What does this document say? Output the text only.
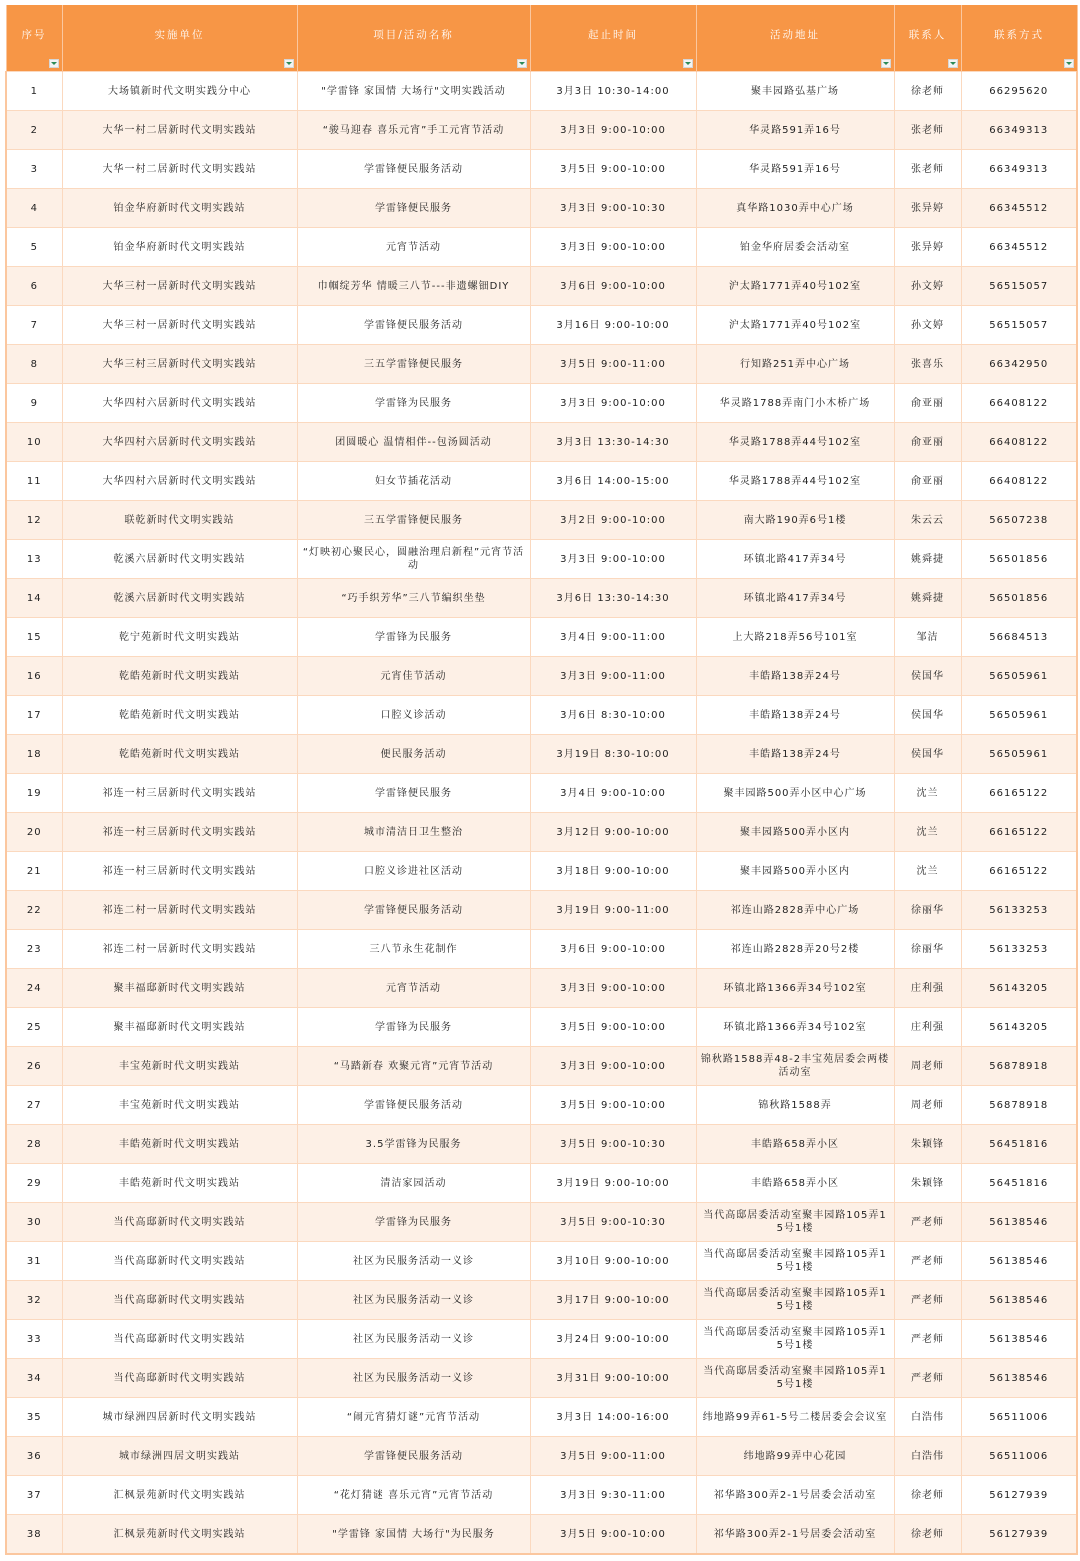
序号	实施单位	项目/活动名称	起止时间	活动地址	联系人	联系方式

1	大场镇新时代文明实践分中心	"学雷锋 家国情 大场行"文明实践活动	3月3日 10:30-14:00	聚丰园路弘基广场	徐老师	66295620
2	大华一村二居新时代文明实践站	“骏马迎春 喜乐元宵”手工元宵节活动	3月3日 9:00-10:00	华灵路591弄16号	张老师	66349313
3	大华一村二居新时代文明实践站	学雷锋便民服务活动	3月5日 9:00-10:00	华灵路591弄16号	张老师	66349313
4	铂金华府新时代文明实践站	学雷锋便民服务	3月3日 9:00-10:30	真华路1030弄中心广场	张异婷	66345512
5	铂金华府新时代文明实践站	元宵节活动	3月3日 9:00-10:00	铂金华府居委会活动室	张异婷	66345512
6	大华三村一居新时代文明实践站	巾帼绽芳华 情暖三八节---非遗螺钿DIY	3月6日 9:00-10:00	沪太路1771弄40号102室	孙文婷	56515057
7	大华三村一居新时代文明实践站	学雷锋便民服务活动	3月16日 9:00-10:00	沪太路1771弄40号102室	孙文婷	56515057
8	大华三村三居新时代文明实践站	三五学雷锋便民服务	3月5日 9:00-11:00	行知路251弄中心广场	张喜乐	66342950
9	大华四村六居新时代文明实践站	学雷锋为民服务	3月3日 9:00-10:00	华灵路1788弄南门小木桥广场	俞亚丽	66408122
10	大华四村六居新时代文明实践站	团圆暖心 温情相伴--包汤圆活动	3月3日 13:30-14:30	华灵路1788弄44号102室	俞亚丽	66408122
11	大华四村六居新时代文明实践站	妇女节插花活动	3月6日 14:00-15:00	华灵路1788弄44号102室	俞亚丽	66408122
12	联乾新时代文明实践站	三五学雷锋便民服务	3月2日 9:00-10:00	南大路190弄6号1楼	朱云云	56507238
13	乾溪六居新时代文明实践站	“灯映初心聚民心，圆融治理启新程”元宵节活动	3月3日 9:00-10:00	环镇北路417弄34号	姚舜捷	56501856
14	乾溪六居新时代文明实践站	“巧手织芳华”三八节编织坐垫	3月6日 13:30-14:30	环镇北路417弄34号	姚舜捷	56501856
15	乾宁苑新时代文明实践站	学雷锋为民服务	3月4日 9:00-11:00	上大路218弄56号101室	邹洁	56684513
16	乾皓苑新时代文明实践站	元宵佳节活动	3月3日 9:00-11:00	丰皓路138弄24号	侯国华	56505961
17	乾皓苑新时代文明实践站	口腔义诊活动	3月6日 8:30-10:00	丰皓路138弄24号	侯国华	56505961
18	乾皓苑新时代文明实践站	便民服务活动	3月19日 8:30-10:00	丰皓路138弄24号	侯国华	56505961
19	祁连一村三居新时代文明实践站	学雷锋便民服务	3月4日 9:00-10:00	聚丰园路500弄小区中心广场	沈兰	66165122
20	祁连一村三居新时代文明实践站	城市清洁日卫生整治	3月12日 9:00-10:00	聚丰园路500弄小区内	沈兰	66165122
21	祁连一村三居新时代文明实践站	口腔义诊进社区活动	3月18日 9:00-10:00	聚丰园路500弄小区内	沈兰	66165122
22	祁连二村一居新时代文明实践站	学雷锋便民服务活动	3月19日 9:00-11:00	祁连山路2828弄中心广场	徐丽华	56133253
23	祁连二村一居新时代文明实践站	三八节永生花制作	3月6日 9:00-10:00	祁连山路2828弄20号2楼	徐丽华	56133253
24	聚丰福邸新时代文明实践站	元宵节活动	3月3日 9:00-10:00	环镇北路1366弄34号102室	庄利强	56143205
25	聚丰福邸新时代文明实践站	学雷锋为民服务	3月5日 9:00-10:00	环镇北路1366弄34号102室	庄利强	56143205
26	丰宝苑新时代文明实践站	“马踏新春 欢聚元宵”元宵节活动	3月3日 9:00-10:00	锦秋路1588弄48-2丰宝苑居委会两楼活动室	周老师	56878918
27	丰宝苑新时代文明实践站	学雷锋便民服务活动	3月5日 9:00-10:00	锦秋路1588弄	周老师	56878918
28	丰皓苑新时代文明实践站	3.5学雷锋为民服务	3月5日 9:00-10:30	丰皓路658弄小区	朱颖锋	56451816
29	丰皓苑新时代文明实践站	清洁家园活动	3月19日 9:00-10:00	丰皓路658弄小区	朱颖锋	56451816
30	当代高邸新时代文明实践站	学雷锋为民服务	3月5日 9:00-10:30	当代高邸居委活动室聚丰园路105弄15号1楼	严老师	56138546
31	当代高邸新时代文明实践站	社区为民服务活动一义诊	3月10日 9:00-10:00	当代高邸居委活动室聚丰园路105弄15号1楼	严老师	56138546
32	当代高邸新时代文明实践站	社区为民服务活动一义诊	3月17日 9:00-10:00	当代高邸居委活动室聚丰园路105弄15号1楼	严老师	56138546
33	当代高邸新时代文明实践站	社区为民服务活动一义诊	3月24日 9:00-10:00	当代高邸居委活动室聚丰园路105弄15号1楼	严老师	56138546
34	当代高邸新时代文明实践站	社区为民服务活动一义诊	3月31日 9:00-10:00	当代高邸居委活动室聚丰园路105弄15号1楼	严老师	56138546
35	城市绿洲四居新时代文明实践站	“闹元宵猜灯谜”元宵节活动	3月3日 14:00-16:00	纬地路99弄61-5号二楼居委会会议室	白浩伟	56511006
36	城市绿洲四居文明实践站	学雷锋便民服务活动	3月5日 9:00-11:00	纬地路99弄中心花园	白浩伟	56511006
37	汇枫景苑新时代文明实践站	“花灯猜谜 喜乐元宵”元宵节活动	3月3日 9:30-11:00	祁华路300弄2-1号居委会活动室	徐老师	56127939
38	汇枫景苑新时代文明实践站	"学雷锋 家国情 大场行"为民服务	3月5日 9:00-10:00	祁华路300弄2-1号居委会活动室	徐老师	56127939
